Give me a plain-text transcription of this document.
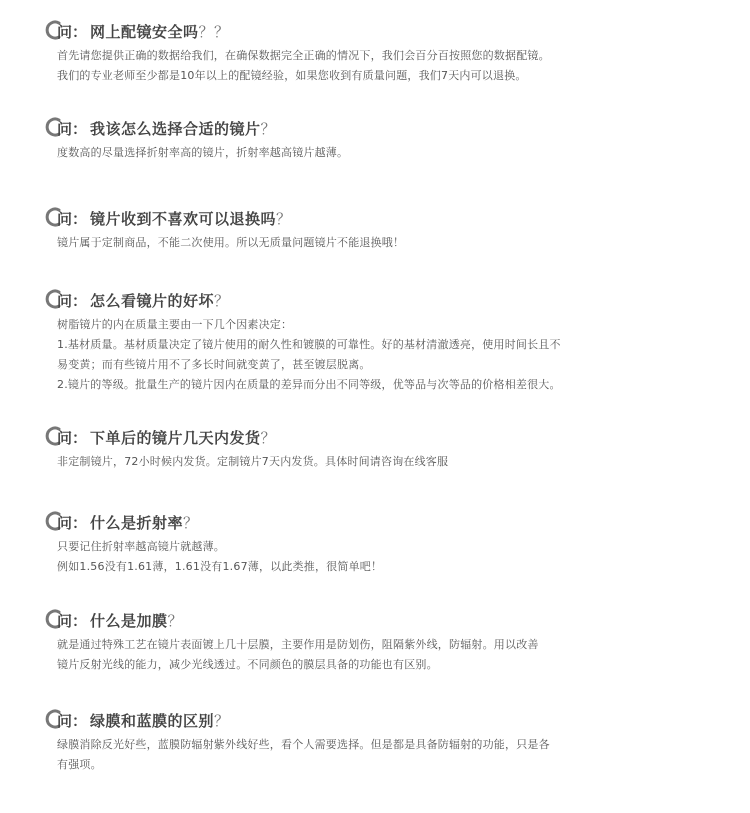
问： 网上配镜安全吗？？
首先请您提供正确的数据给我们，在确保数据完全正确的情况下，我们会百分百按照您的数据配镜。
我们的专业老师至少都是10年以上的配镜经验，如果您收到有质量问题，我们7天内可以退换。
问： 我该怎么选择合适的镜片？
度数高的尽量选择折射率高的镜片，折射率越高镜片越薄。
问： 镜片收到不喜欢可以退换吗？
镜片属于定制商品，不能二次使用。所以无质量问题镜片不能退换哦！
问： 怎么看镜片的好坏？
树脂镜片的内在质量主要由一下几个因素决定：
1.基材质量。基材质量决定了镜片使用的耐久性和镀膜的可靠性。好的基材清澈透亮，使用时间长且不
易变黄；而有些镜片用不了多长时间就变黄了，甚至镀层脱离。
2.镜片的等级。批量生产的镜片因内在质量的差异而分出不同等级，优等品与次等品的价格相差很大。
问： 下单后的镜片几天内发货？
非定制镜片，72小时候内发货。定制镜片7天内发货。具体时间请咨询在线客服
问： 什么是折射率？
只要记住折射率越高镜片就越薄。
例如1.56没有1.61薄，1.61没有1.67薄，以此类推，很简单吧！
问： 什么是加膜？
就是通过特殊工艺在镜片表面镀上几十层膜，主要作用是防划伤，阻隔紫外线，防辐射。用以改善
镜片反射光线的能力，减少光线透过。不同颜色的膜层具备的功能也有区别。
问： 绿膜和蓝膜的区别？
绿膜消除反光好些，蓝膜防辐射紫外线好些，看个人需要选择。但是都是具备防辐射的功能，只是各
有强项。
